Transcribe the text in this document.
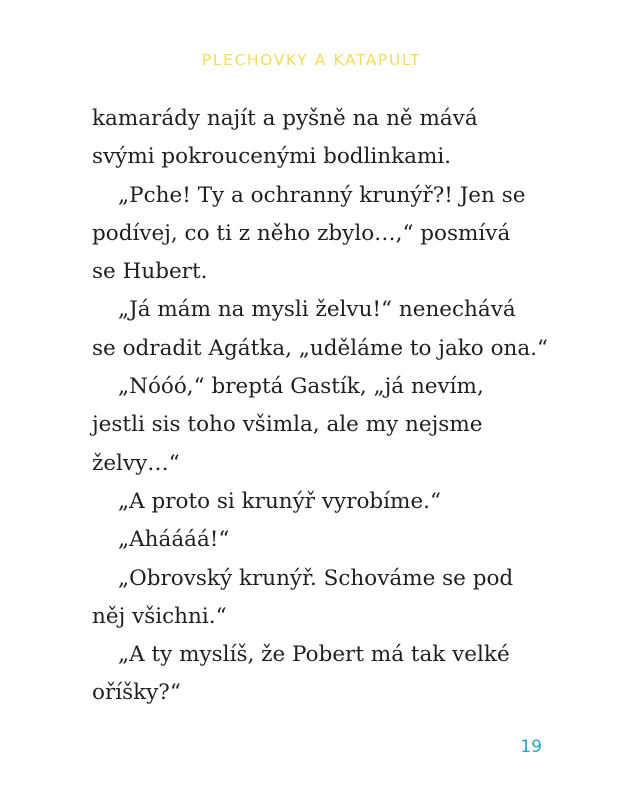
PLECHOVKY A KATAPULT
kamarády najít a pyšně na ně mává
svými pokroucenými bodlinkami.
„Pche! Ty a ochranný krunýř?! Jen se
podívej, co ti z něho zbylo…,“ posmívá
se Hubert.
„Já mám na mysli želvu!“ nenechává
se odradit Agátka, „uděláme to jako ona.“
„Nóóó,“ breptá Gastík, „já nevím,
jestli sis toho všimla, ale my nejsme
želvy…“
„A proto si krunýř vyrobíme.“
„Aháááá!“
„Obrovský krunýř. Schováme se pod
něj všichni.“
„A ty myslíš, že Pobert má tak velké
oříšky?“
19
